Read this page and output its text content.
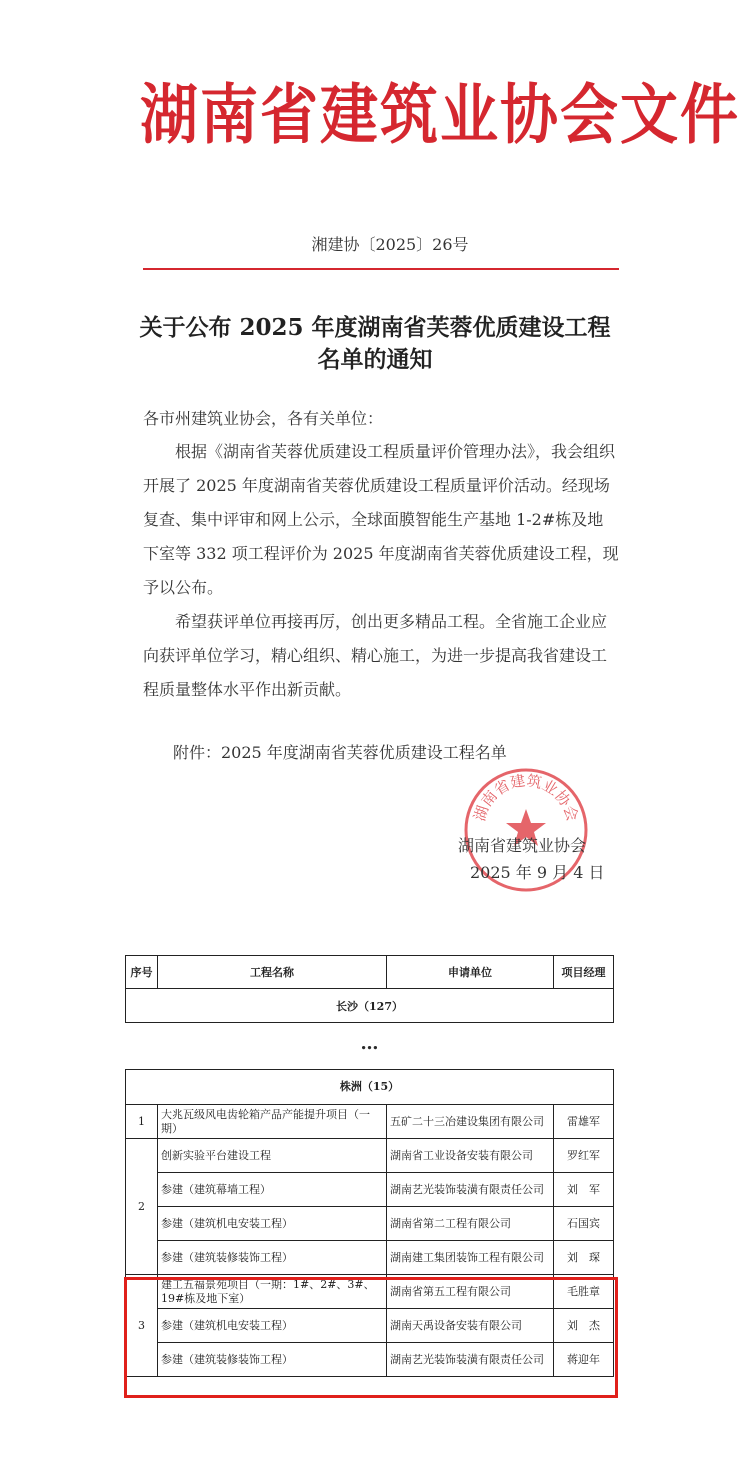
湖南省建筑业协会文件
湘建协〔2025〕26号
关于公布 2025 年度湖南省芙蓉优质建设工程
名单的通知
各市州建筑业协会，各有关单位：
根据《湖南省芙蓉优质建设工程质量评价管理办法》，我会组织开展了 2025 年度湖南省芙蓉优质建设工程质量评价活动。经现场复查、集中评审和网上公示，全球面膜智能生产基地 1-2#栋及地下室等 332 项工程评价为 2025 年度湖南省芙蓉优质建设工程，现予以公布。
希望获评单位再接再厉，创出更多精品工程。全省施工企业应向获评单位学习，精心组织、精心施工，为进一步提高我省建设工程质量整体水平作出新贡献。
附件：2025 年度湖南省芙蓉优质建设工程名单
湖南省建筑业协会
湖南省建筑业协会
2025 年 9 月 4 日
序号	工程名称	申请单位	项目经理
长沙（127）
…
株洲（15）			
1	大兆瓦级风电齿轮箱产品产能提升项目（一期）	五矿二十三冶建设集团有限公司	雷雄军
2	创新实验平台建设工程	湖南省工业设备安装有限公司	罗红军
	参建（建筑幕墙工程）	湖南艺光装饰装潢有限责任公司	刘　军
	参建（建筑机电安装工程）	湖南省第二工程有限公司	石国宾
	参建（建筑装修装饰工程）	湖南建工集团装饰工程有限公司	刘　琛
3	建工五福景苑项目（一期：1#、2#、3#、19#栋及地下室）	湖南省第五工程有限公司	毛胜章
	参建（建筑机电安装工程）	湖南天禹设备安装有限公司	刘　杰
	参建（建筑装修装饰工程）	湖南艺光装饰装潢有限责任公司	蒋迎年
